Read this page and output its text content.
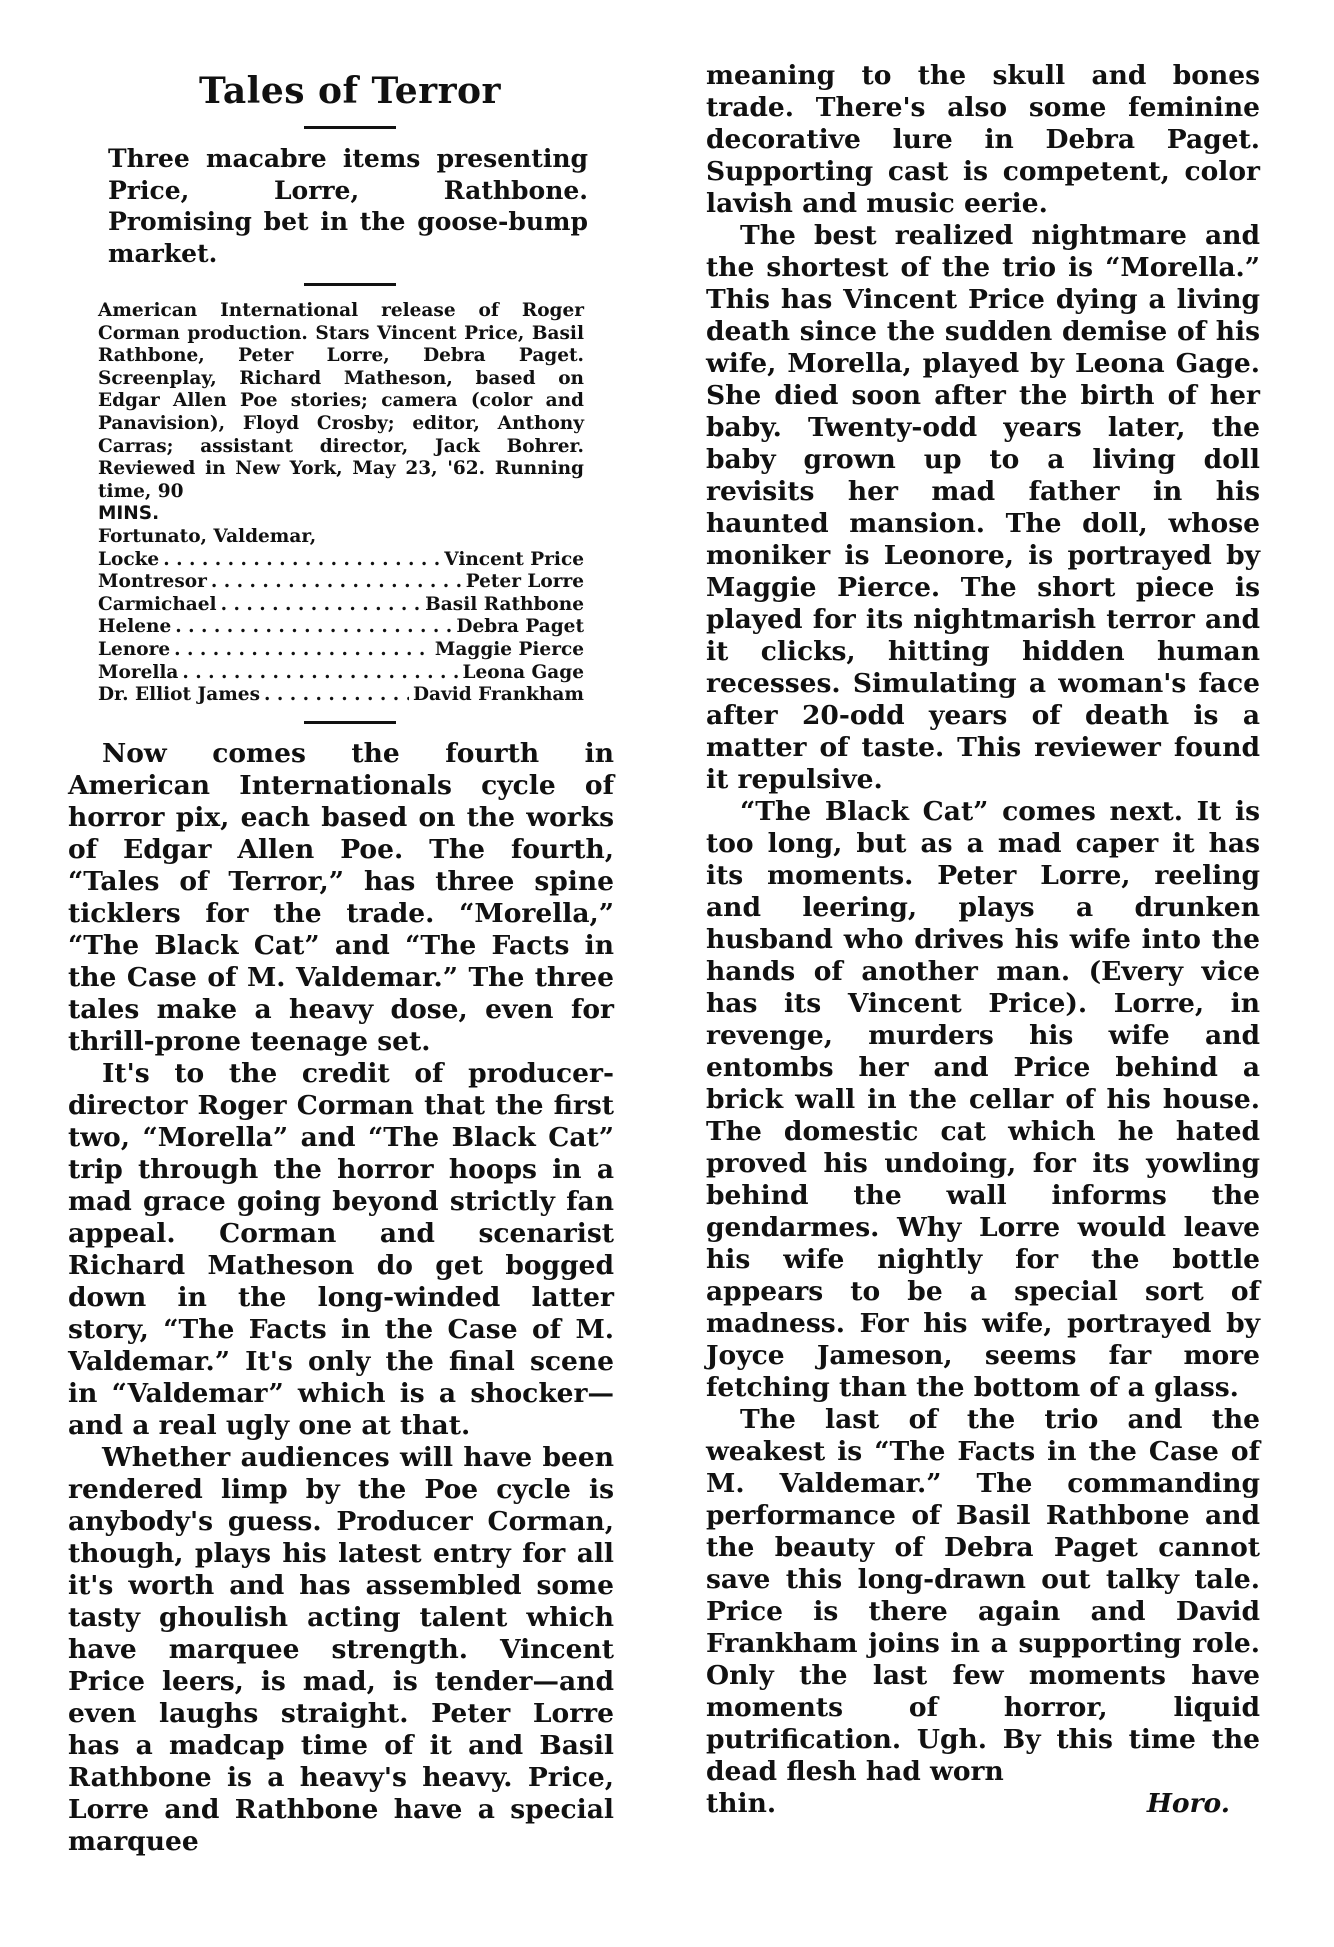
Tales of Terror
Three macabre items presenting Price, Lorre, Rathbone. Promising bet in the goose-bump market.
American International release of Roger Corman production. Stars Vincent Price, Basil Rathbone, Peter Lorre, Debra Paget. Screenplay, Richard Matheson, based on Edgar Allen Poe stories; camera (color and Panavision), Floyd Crosby; editor, Anthony Carras; assistant director, Jack Bohrer. Reviewed in New York, May 23, '62. Running time, 90
MINS.
Fortunato, Valdemar,
Locke . . .	Vincent Price
Montresor . . .	Peter Lorre
Carmichael . . .	Basil Rathbone
Helene . . .	Debra Paget
Lenore . . .	Maggie Pierce
Morella . . .	Leona Gage
Dr. Elliot James . . .	David Frankham

Now comes the fourth in American Internationals cycle of horror pix, each based on the works of Edgar Allen Poe. The fourth, “Tales of Terror,” has three spine ticklers for the trade. “Morella,” “The Black Cat” and “The Facts in the Case of M. Valdemar.” The three tales make a heavy dose, even for thrill-prone teenage set.

It's to the credit of producer-director Roger Corman that the first two, “Morella” and “The Black Cat” trip through the horror hoops in a mad grace going beyond strictly fan appeal. Corman and scenarist Richard Matheson do get bogged down in the long-winded latter story, “The Facts in the Case of M. Valdemar.” It's only the final scene in “Valdemar” which is a shocker—and a real ugly one at that.

Whether audiences will have been rendered limp by the Poe cycle is anybody's guess. Producer Corman, though, plays his latest entry for all it's worth and has assembled some tasty ghoulish acting talent which have marquee strength. Vincent Price leers, is mad, is tender—and even laughs straight. Peter Lorre has a madcap time of it and Basil Rathbone is a heavy's heavy. Price, Lorre and Rathbone have a special marquee

meaning to the skull and bones trade. There's also some feminine decorative lure in Debra Paget. Supporting cast is competent, color lavish and music eerie.

The best realized nightmare and the shortest of the trio is “Morella.” This has Vincent Price dying a living death since the sudden demise of his wife, Morella, played by Leona Gage. She died soon after the birth of her baby. Twenty-odd years later, the baby grown up to a living doll revisits her mad father in his haunted mansion. The doll, whose moniker is Leonore, is portrayed by Maggie Pierce. The short piece is played for its nightmarish terror and it clicks, hitting hidden human recesses. Simulating a woman's face after 20-odd years of death is a matter of taste. This reviewer found it repulsive.

“The Black Cat” comes next. It is too long, but as a mad caper it has its moments. Peter Lorre, reeling and leering, plays a drunken husband who drives his wife into the hands of another man. (Every vice has its Vincent Price). Lorre, in revenge, murders his wife and entombs her and Price behind a brick wall in the cellar of his house. The domestic cat which he hated proved his undoing, for its yowling behind the wall informs the gendarmes. Why Lorre would leave his wife nightly for the bottle appears to be a special sort of madness. For his wife, portrayed by Joyce Jameson, seems far more fetching than the bottom of a glass.

The last of the trio and the weakest is “The Facts in the Case of M. Valdemar.” The commanding performance of Basil Rathbone and the beauty of Debra Paget cannot save this long-drawn out talky tale. Price is there again and David Frankham joins in a supporting role. Only the last few moments have moments of horror, liquid putrification. Ugh. By this time the dead flesh had worn

thin.	Horo.
